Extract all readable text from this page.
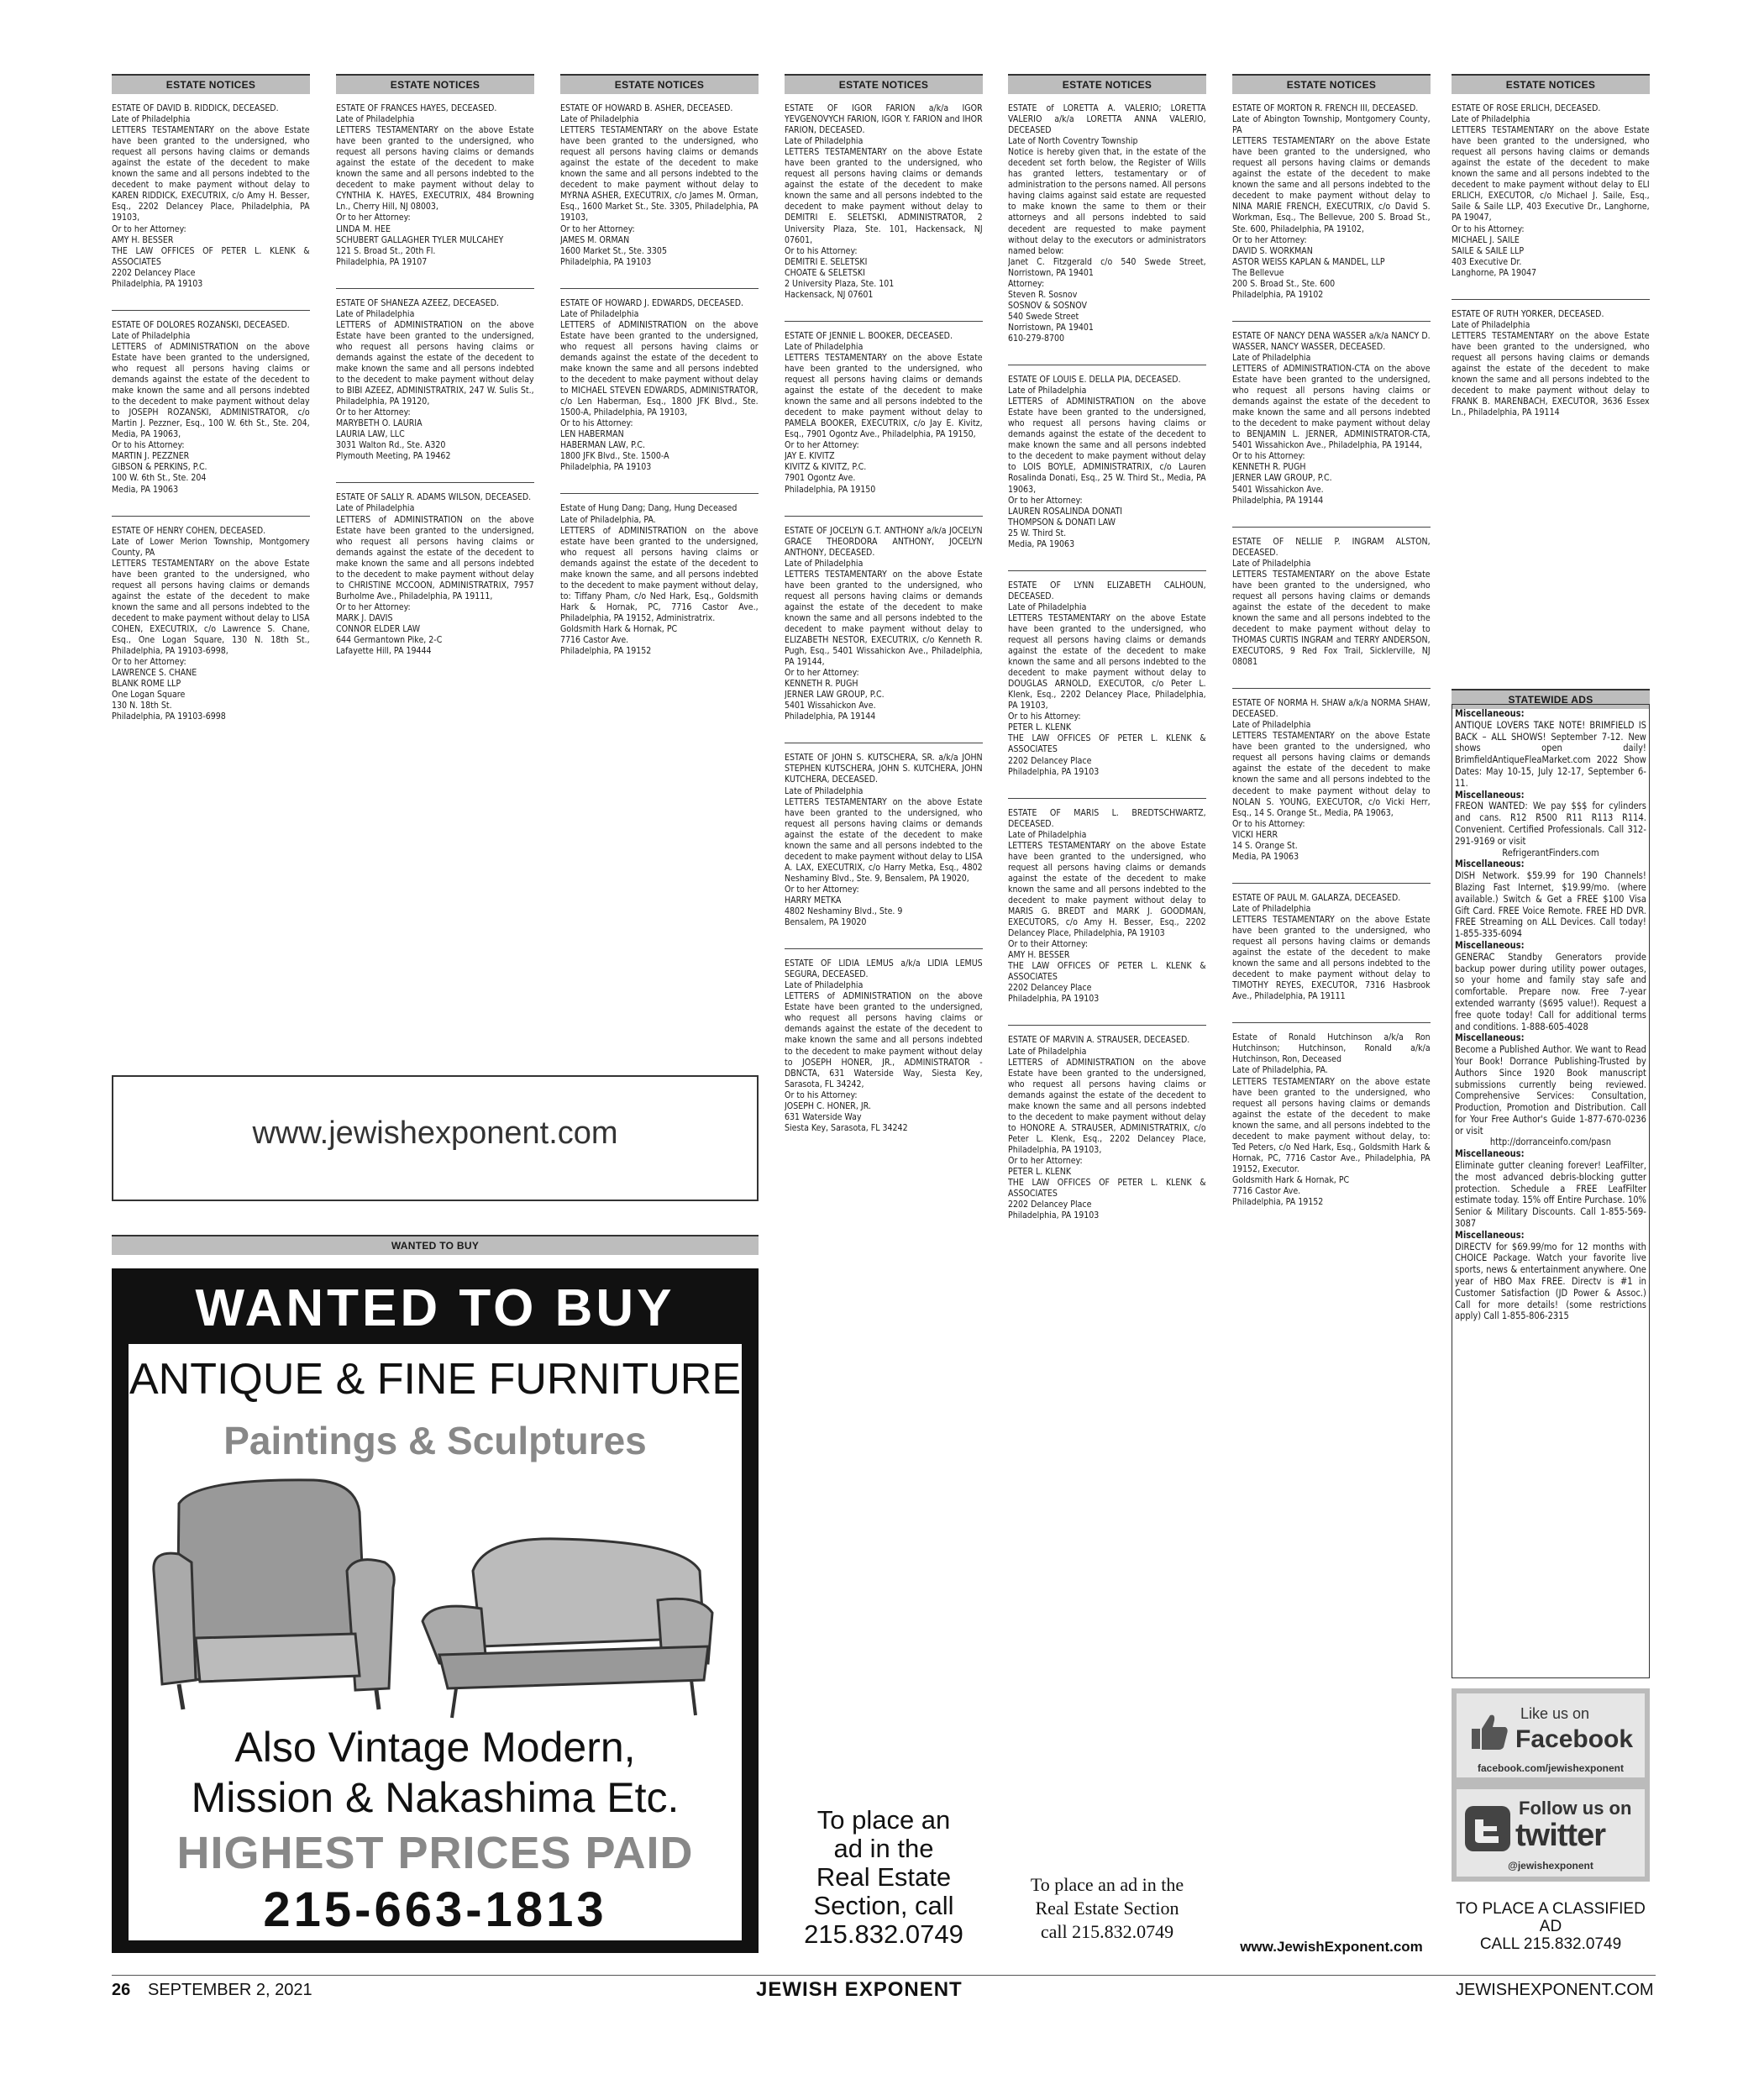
ESTATE NOTICES
ESTATE OF DAVID B. RIDDICK, DECEASED.
Late of Philadelphia
LETTERS TESTAMENTARY on the above Estate have been granted to the undersigned, who request all persons having claims or demands against the estate of the decedent to make known the same and all persons indebted to the decedent to make payment without delay to KAREN RIDDICK, EXECUTRIX, c/o Amy H. Besser, Esq., 2202 Delancey Place, Philadelphia, PA 19103,
Or to her Attorney:
AMY H. BESSER
THE LAW OFFICES OF PETER L. KLENK & ASSOCIATES
2202 Delancey Place
Philadelphia, PA 19103
ESTATE OF DOLORES ROZANSKI, DECEASED.
Late of Philadelphia
LETTERS of ADMINISTRATION on the above Estate have been granted to the undersigned, who request all persons having claims or demands against the estate of the decedent to make known the same and all persons indebted to the decedent to make payment without delay to JOSEPH ROZANSKI, ADMINISTRATOR, c/o Martin J. Pezzner, Esq., 100 W. 6th St., Ste. 204, Media, PA 19063,
Or to his Attorney:
MARTIN J. PEZZNER
GIBSON & PERKINS, P.C.
100 W. 6th St., Ste. 204
Media, PA 19063
ESTATE OF HENRY COHEN, DECEASED.
Late of Lower Merion Township, Montgomery County, PA
LETTERS TESTAMENTARY on the above Estate have been granted to the undersigned, who request all persons having claims or demands against the estate of the decedent to make known the same and all persons indebted to the decedent to make payment without delay to LISA COHEN, EXECUTRIX, c/o Lawrence S. Chane, Esq., One Logan Square, 130 N. 18th St., Philadelphia, PA 19103-6998,
Or to her Attorney:
LAWRENCE S. CHANE
BLANK ROME LLP
One Logan Square
130 N. 18th St.
Philadelphia, PA 19103-6998
ESTATE NOTICES
ESTATE OF FRANCES HAYES, DECEASED.
Late of Philadelphia
LETTERS TESTAMENTARY on the above Estate have been granted to the undersigned, who request all persons having claims or demands against the estate of the decedent to make known the same and all persons indebted to the decedent to make payment without delay to CYNTHIA K. HAYES, EXECUTRIX, 484 Browning Ln., Cherry Hill, NJ 08003,
Or to her Attorney:
LINDA M. HEE
SCHUBERT GALLAGHER TYLER MULCAHEY
121 S. Broad St., 20th Fl.
Philadelphia, PA 19107
ESTATE OF SHANEZA AZEEZ, DECEASED.
Late of Philadelphia
LETTERS of ADMINISTRATION on the above Estate have been granted to the undersigned, who request all persons having claims or demands against the estate of the decedent to make known the same and all persons indebted to the decedent to make payment without delay to BIBI AZEEZ, ADMINISTRATRIX, 247 W. Sulis St., Philadelphia, PA 19120,
Or to her Attorney:
MARYBETH O. LAURIA
LAURIA LAW, LLC
3031 Walton Rd., Ste. A320
Plymouth Meeting, PA 19462
ESTATE OF SALLY R. ADAMS WILSON, DECEASED.
Late of Philadelphia
LETTERS of ADMINISTRATION on the above Estate have been granted to the undersigned, who request all persons having claims or demands against the estate of the decedent to make known the same and all persons indebted to the decedent to make payment without delay to CHRISTINE MCCOON, ADMINISTRATRIX, 7957 Burholme Ave., Philadelphia, PA 19111,
Or to her Attorney:
MARK J. DAVIS
CONNOR ELDER LAW
644 Germantown Pike, 2-C
Lafayette Hill, PA 19444
ESTATE NOTICES
ESTATE OF HOWARD B. ASHER, DECEASED.
Late of Philadelphia
LETTERS TESTAMENTARY on the above Estate have been granted to the undersigned, who request all persons having claims or demands against the estate of the decedent to make known the same and all persons indebted to the decedent to make payment without delay to MYRNA ASHER, EXECUTRIX, c/o James M. Orman, Esq., 1600 Market St., Ste. 3305, Philadelphia, PA 19103,
Or to her Attorney:
JAMES M. ORMAN
1600 Market St., Ste. 3305
Philadelphia, PA 19103
ESTATE OF HOWARD J. EDWARDS, DECEASED.
Late of Philadelphia
LETTERS of ADMINISTRATION on the above Estate have been granted to the undersigned, who request all persons having claims or demands against the estate of the decedent to make known the same and all persons indebted to the decedent to make payment without delay to MICHAEL STEVEN EDWARDS, ADMINISTRATOR, c/o Len Haberman, Esq., 1800 JFK Blvd., Ste. 1500-A, Philadelphia, PA 19103,
Or to his Attorney:
LEN HABERMAN
HABERMAN LAW, P.C.
1800 JFK Blvd., Ste. 1500-A
Philadelphia, PA 19103
Estate of Hung Dang; Dang, Hung Deceased
Late of Philadelphia, PA.
LETTERS of ADMINISTRATION on the above estate have been granted to the undersigned, who request all persons having claims or demands against the estate of the decedent to make known the same, and all persons indebted to the decedent to make payment without delay, to: Tiffany Pham, c/o Ned Hark, Esq., Goldsmith Hark & Hornak, PC, 7716 Castor Ave., Philadelphia, PA 19152, Administratrix.
Goldsmith Hark & Hornak, PC
7716 Castor Ave.
Philadelphia, PA 19152
ESTATE NOTICES
ESTATE OF IGOR FARION a/k/a IGOR YEVGENOVYCH FARION, IGOR Y. FARION and IHOR FARION, DECEASED.
Late of Philadelphia
LETTERS TESTAMENTARY on the above Estate have been granted to the undersigned, who request all persons having claims or demands against the estate of the decedent to make known the same and all persons indebted to the decedent to make payment without delay to DEMITRI E. SELETSKI, ADMINISTRATOR, 2 University Plaza, Ste. 101, Hackensack, NJ 07601,
Or to his Attorney:
DEMITRI E. SELETSKI
CHOATE & SELETSKI
2 University Plaza, Ste. 101
Hackensack, NJ 07601
ESTATE OF JENNIE L. BOOKER, DECEASED.
Late of Philadelphia
LETTERS TESTAMENTARY on the above Estate have been granted to the undersigned, who request all persons having claims or demands against the estate of the decedent to make known the same and all persons indebted to the decedent to make payment without delay to PAMELA BOOKER, EXECUTRIX, c/o Jay E. Kivitz, Esq., 7901 Ogontz Ave., Philadelphia, PA 19150,
Or to her Attorney:
JAY E. KIVITZ
KIVITZ & KIVITZ, P.C.
7901 Ogontz Ave.
Philadelphia, PA 19150
ESTATE OF JOCELYN G.T. ANTHONY a/k/a JOCELYN GRACE THEORDORA ANTHONY, JOCELYN ANTHONY, DECEASED.
Late of Philadelphia
LETTERS TESTAMENTARY on the above Estate have been granted to the undersigned, who request all persons having claims or demands against the estate of the decedent to make known the same and all persons indebted to the decedent to make payment without delay to ELIZABETH NESTOR, EXECUTRIX, c/o Kenneth R. Pugh, Esq., 5401 Wissahickon Ave., Philadelphia, PA 19144,
Or to her Attorney:
KENNETH R. PUGH
JERNER LAW GROUP, P.C.
5401 Wissahickon Ave.
Philadelphia, PA 19144
ESTATE OF JOHN S. KUTSCHERA, SR. a/k/a JOHN STEPHEN KUTSCHERA, JOHN S. KUTCHERA, JOHN KUTCHERA, DECEASED.
Late of Philadelphia
LETTERS TESTAMENTARY on the above Estate have been granted to the undersigned, who request all persons having claims or demands against the estate of the decedent to make known the same and all persons indebted to the decedent to make payment without delay to LISA A. LAX, EXECUTRIX, c/o Harry Metka, Esq., 4802 Neshaminy Blvd., Ste. 9, Bensalem, PA 19020,
Or to her Attorney:
HARRY METKA
4802 Neshaminy Blvd., Ste. 9
Bensalem, PA 19020
ESTATE OF LIDIA LEMUS a/k/a LIDIA LEMUS SEGURA, DECEASED.
Late of Philadelphia
LETTERS of ADMINISTRATION on the above Estate have been granted to the undersigned, who request all persons having claims or demands against the estate of the decedent to make known the same and all persons indebted to the decedent to make payment without delay to JOSEPH HONER, JR., ADMINISTRATOR - DBNCTA, 631 Waterside Way, Siesta Key, Sarasota, FL 34242,
Or to his Attorney:
JOSEPH C. HONER, JR.
631 Waterside Way
Siesta Key, Sarasota, FL 34242
ESTATE NOTICES
ESTATE of LORETTA A. VALERIO; LORETTA VALERIO a/k/a LORETTA ANNA VALERIO, DECEASED
Late of North Coventry Township
Notice is hereby given that, in the estate of the decedent set forth below, the Register of Wills has granted letters, testamentary or of administration to the persons named. All persons having claims against said estate are requested to make known the same to them or their attorneys and all persons indebted to said decedent are requested to make payment without delay to the executors or administrators named below:
Janet C. Fitzgerald c/o 540 Swede Street, Norristown, PA 19401
Attorney:
Steven R. Sosnov
SOSNOV & SOSNOV
540 Swede Street
Norristown, PA 19401
610-279-8700
ESTATE OF LOUIS E. DELLA PIA, DECEASED.
Late of Philadelphia
LETTERS of ADMINISTRATION on the above Estate have been granted to the undersigned, who request all persons having claims or demands against the estate of the decedent to make known the same and all persons indebted to the decedent to make payment without delay to LOIS BOYLE, ADMINISTRATRIX, c/o Lauren Rosalinda Donati, Esq., 25 W. Third St., Media, PA 19063,
Or to her Attorney:
LAUREN ROSALINDA DONATI
THOMPSON & DONATI LAW
25 W. Third St.
Media, PA 19063
ESTATE OF LYNN ELIZABETH CALHOUN, DECEASED.
Late of Philadelphia
LETTERS TESTAMENTARY on the above Estate have been granted to the undersigned, who request all persons having claims or demands against the estate of the decedent to make known the same and all persons indebted to the decedent to make payment without delay to DOUGLAS ARNOLD, EXECUTOR, c/o Peter L. Klenk, Esq., 2202 Delancey Place, Philadelphia, PA 19103,
Or to his Attorney:
PETER L. KLENK
THE LAW OFFICES OF PETER L. KLENK & ASSOCIATES
2202 Delancey Place
Philadelphia, PA 19103
ESTATE OF MARIS L. BREDTSCHWARTZ, DECEASED.
Late of Philadelphia
LETTERS TESTAMENTARY on the above Estate have been granted to the undersigned, who request all persons having claims or demands against the estate of the decedent to make known the same and all persons indebted to the decedent to make payment without delay to MARIS G. BREDT and MARK J. GOODMAN, EXECUTORS, c/o Amy H. Besser, Esq., 2202 Delancey Place, Philadelphia, PA 19103
Or to their Attorney:
AMY H. BESSER
THE LAW OFFICES OF PETER L. KLENK & ASSOCIATES
2202 Delancey Place
Philadelphia, PA 19103
ESTATE OF MARVIN A. STRAUSER, DECEASED.
Late of Philadelphia
LETTERS of ADMINISTRATION on the above Estate have been granted to the undersigned, who request all persons having claims or demands against the estate of the decedent to make known the same and all persons indebted to the decedent to make payment without delay to HONORE A. STRAUSER, ADMINISTRATRIX, c/o Peter L. Klenk, Esq., 2202 Delancey Place, Philadelphia, PA 19103,
Or to her Attorney:
PETER L. KLENK
THE LAW OFFICES OF PETER L. KLENK & ASSOCIATES
2202 Delancey Place
Philadelphia, PA 19103
ESTATE NOTICES
ESTATE OF MORTON R. FRENCH III, DECEASED.
Late of Abington Township, Montgomery County, PA
LETTERS TESTAMENTARY on the above Estate have been granted to the undersigned, who request all persons having claims or demands against the estate of the decedent to make known the same and all persons indebted to the decedent to make payment without delay to NINA MARIE FRENCH, EXECUTRIX, c/o David S. Workman, Esq., The Bellevue, 200 S. Broad St., Ste. 600, Philadelphia, PA 19102,
Or to her Attorney:
DAVID S. WORKMAN
ASTOR WEISS KAPLAN & MANDEL, LLP
The Bellevue
200 S. Broad St., Ste. 600
Philadelphia, PA 19102
ESTATE OF NANCY DENA WASSER a/k/a NANCY D. WASSER, NANCY WASSER, DECEASED.
Late of Philadelphia
LETTERS of ADMINISTRATION-CTA on the above Estate have been granted to the undersigned, who request all persons having claims or demands against the estate of the decedent to make known the same and all persons indebted to the decedent to make payment without delay to BENJAMIN L. JERNER, ADMINISTRATOR-CTA, 5401 Wissahickon Ave., Philadelphia, PA 19144,
Or to his Attorney:
KENNETH R. PUGH
JERNER LAW GROUP, P.C.
5401 Wissahickon Ave.
Philadelphia, PA 19144
ESTATE OF NELLIE P. INGRAM ALSTON, DECEASED.
Late of Philadelphia
LETTERS TESTAMENTARY on the above Estate have been granted to the undersigned, who request all persons having claims or demands against the estate of the decedent to make known the same and all persons indebted to the decedent to make payment without delay to THOMAS CURTIS INGRAM and TERRY ANDERSON, EXECUTORS, 9 Red Fox Trail, Sicklerville, NJ 08081
ESTATE OF NORMA H. SHAW a/k/a NORMA SHAW, DECEASED.
Late of Philadelphia
LETTERS TESTAMENTARY on the above Estate have been granted to the undersigned, who request all persons having claims or demands against the estate of the decedent to make known the same and all persons indebted to the decedent to make payment without delay to NOLAN S. YOUNG, EXECUTOR, c/o Vicki Herr, Esq., 14 S. Orange St., Media, PA 19063,
Or to his Attorney:
VICKI HERR
14 S. Orange St.
Media, PA 19063
ESTATE OF PAUL M. GALARZA, DECEASED.
Late of Philadelphia
LETTERS TESTAMENTARY on the above Estate have been granted to the undersigned, who request all persons having claims or demands against the estate of the decedent to make known the same and all persons indebted to the decedent to make payment without delay to TIMOTHY REYES, EXECUTOR, 7316 Hasbrook Ave., Philadelphia, PA 19111
Estate of Ronald Hutchinson a/k/a Ron Hutchinson; Hutchinson, Ronald a/k/a Hutchinson, Ron, Deceased
Late of Philadelphia, PA.
LETTERS TESTAMENTARY on the above estate have been granted to the undersigned, who request all persons having claims or demands against the estate of the decedent to make known the same, and all persons indebted to the decedent to make payment without delay, to: Ted Peters, c/o Ned Hark, Esq., Goldsmith Hark & Hornak, PC, 7716 Castor Ave., Philadelphia, PA 19152, Executor.
Goldsmith Hark & Hornak, PC
7716 Castor Ave.
Philadelphia, PA 19152
ESTATE NOTICES
ESTATE OF ROSE ERLICH, DECEASED.
Late of Philadelphia
LETTERS TESTAMENTARY on the above Estate have been granted to the undersigned, who request all persons having claims or demands against the estate of the decedent to make known the same and all persons indebted to the decedent to make payment without delay to ELI ERLICH, EXECUTOR, c/o Michael J. Saile, Esq., Saile & Saile LLP, 403 Executive Dr., Langhorne, PA 19047,
Or to his Attorney:
MICHAEL J. SAILE
SAILE & SAILE LLP
403 Executive Dr.
Langhorne, PA 19047
ESTATE OF RUTH YORKER, DECEASED.
Late of Philadelphia
LETTERS TESTAMENTARY on the above Estate have been granted to the undersigned, who request all persons having claims or demands against the estate of the decedent to make known the same and all persons indebted to the decedent to make payment without delay to FRANK B. MARENBACH, EXECUTOR, 3636 Essex Ln., Philadelphia, PA 19114
www.jewishexponent.com
WANTED TO BUY
WANTED TO BUY
ANTIQUE & FINE FURNITURE
Paintings & Sculptures
Also Vintage Modern,
Mission & Nakashima Etc.
HIGHEST PRICES PAID
215-663-1813
To place an
ad in the
Real Estate
Section, call
215.832.0749
To place an ad in the
Real Estate Section
call 215.832.0749
www.JewishExponent.com
STATEWIDE ADS
Miscellaneous:
ANTIQUE LOVERS TAKE NOTE! BRIMFIELD IS BACK – ALL SHOWS! September 7-12. New shows open daily! BrimfieldAntiqueFleaMarket.com 2022 Show Dates: May 10-15, July 12-17, September 6-11.
Miscellaneous:
FREON WANTED: We pay $$$ for cylinders and cans. R12 R500 R11 R113 R114. Convenient. Certified Professionals. Call 312-291-9169 or visit
RefrigerantFinders.com
Miscellaneous:
DISH Network. $59.99 for 190 Channels! Blazing Fast Internet, $19.99/mo. (where available.) Switch & Get a FREE $100 Visa Gift Card. FREE Voice Remote. FREE HD DVR. FREE Streaming on ALL Devices. Call today! 1-855-335-6094
Miscellaneous:
GENERAC Standby Generators provide backup power during utility power outages, so your home and family stay safe and comfortable. Prepare now. Free 7-year extended warranty ($695 value!). Request a free quote today! Call for additional terms and conditions. 1-888-605-4028
Miscellaneous:
Become a Published Author. We want to Read Your Book! Dorrance Publishing-Trusted by Authors Since 1920 Book manuscript submissions currently being reviewed. Comprehensive Services: Consultation, Production, Promotion and Distribution. Call for Your Free Author's Guide 1-877-670-0236 or visit
http://dorranceinfo.com/pasn
Miscellaneous:
Eliminate gutter cleaning forever! LeafFilter, the most advanced debris-blocking gutter protection. Schedule a FREE LeafFilter estimate today. 15% off Entire Purchase. 10% Senior & Military Discounts. Call 1-855-569-3087
Miscellaneous:
DIRECTV for $69.99/mo for 12 months with CHOICE Package. Watch your favorite live sports, news & entertainment anywhere. One year of HBO Max FREE. Directv is #1 in Customer Satisfaction (JD Power & Assoc.) Call for more details! (some restrictions apply) Call 1-855-806-2315
Like us on
Facebook
facebook.com/jewishexponent
Follow us on
twitter
@jewishexponent
TO PLACE A CLASSIFIED AD
CALL 215.832.0749
26 SEPTEMBER 2, 2021	JEWISH EXPONENT	JEWISHEXPONENT.COM
